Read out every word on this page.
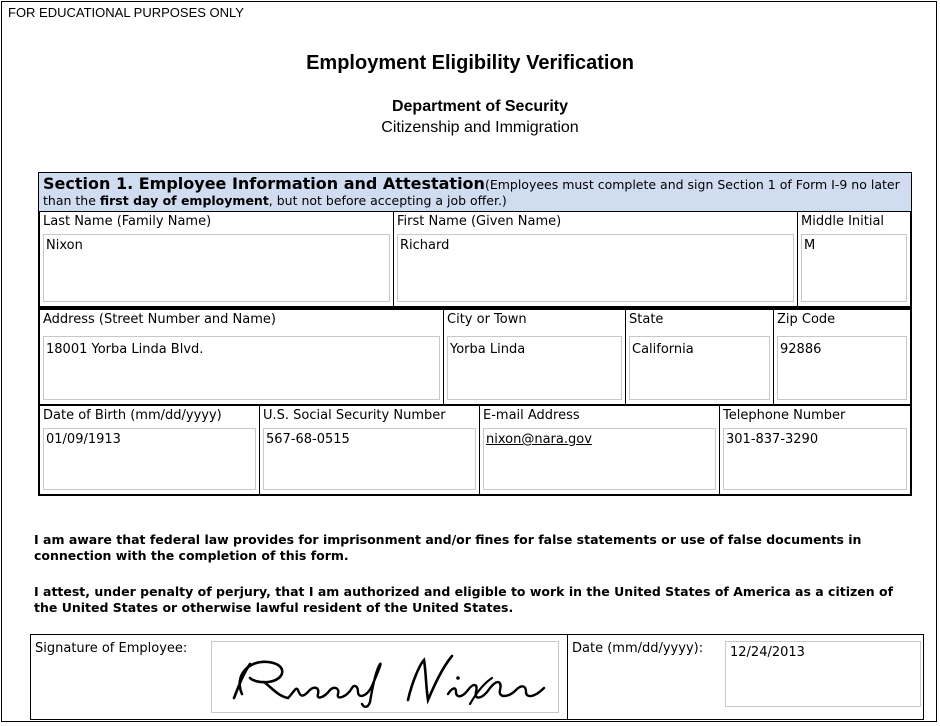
FOR EDUCATIONAL PURPOSES ONLY
Employment Eligibility Verification
Department of Security
Citizenship and Immigration
Section 1. Employee Information and Attestation(Employees must complete and sign Section 1 of Form I-9 no later than the first day of employment, but not before accepting a job offer.)
Last Name (Family Name)
Nixon
First Name (Given Name)
Richard
Middle Initial
M
Address (Street Number and Name)
18001 Yorba Linda Blvd.
City or Town
Yorba Linda
State
California
Zip Code
92886
Date of Birth (mm/dd/yyyy)
01/09/1913
U.S. Social Security Number
567-68-0515
E-mail Address
nixon@nara.gov
Telephone Number
301-837-3290
I am aware that federal law provides for imprisonment and/or fines for false statements or use of false documents in connection with the completion of this form.
I attest, under penalty of perjury, that I am authorized and eligible to work in the United States of America as a citizen of the United States or otherwise lawful resident of the United States.
Signature of Employee:	Date (mm/dd/yyyy): 12/24/2013
